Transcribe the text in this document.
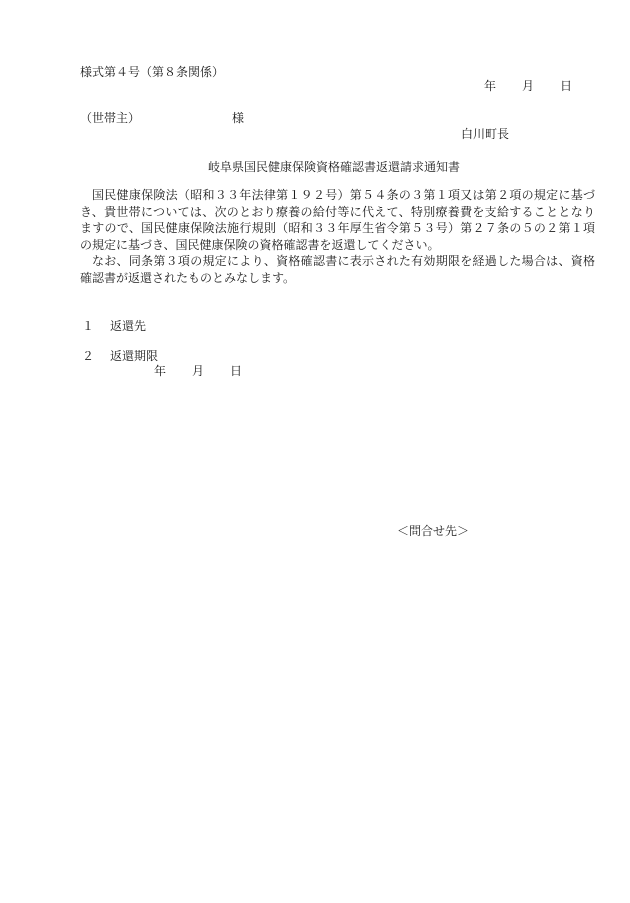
様式第４号（第８条関係）
年 月 日
（世帯主）	様
白川町長
岐阜県国民健康保険資格確認書返還請求通知書

国民健康保険法（昭和３３年法律第１９２号）第５４条の３第１項又は第２項の規定に基づき、貴世帯については、次のとおり療養の給付等に代えて、特別療養費を支給することとなりますので、国民健康保険法施行規則（昭和３３年厚生省令第５３号）第２７条の５の２第１項の規定に基づき、国民健康保険の資格確認書を返還してください。

なお、同条第３項の規定により、資格確認書に表示された有効期限を経過した場合は、資格確認書が返還されたものとみなします。

１ 返還先
２ 返還期限
年 月 日
＜問合せ先＞
